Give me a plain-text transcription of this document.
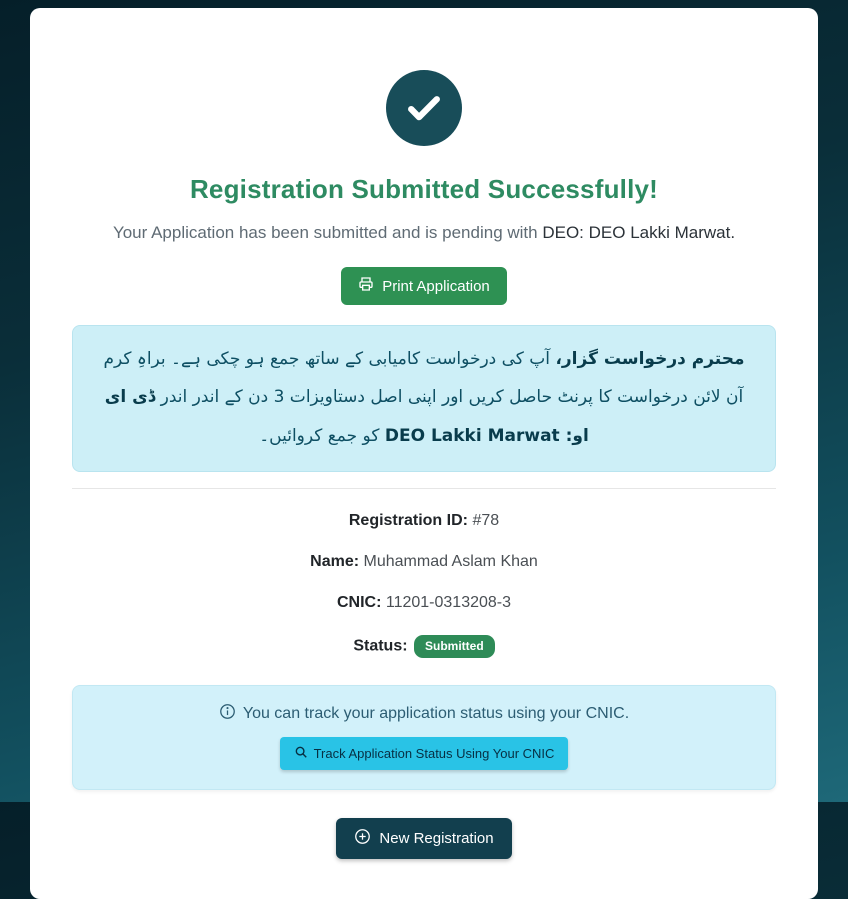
Registration Submitted Successfully!

Your Application has been submitted and is pending with DEO: DEO Lakki Marwat.

Print Application
محترم درخواست گزار، آپ کی درخواست کامیابی کے ساتھ جمع ہو چکی ہے۔ براہِ کرم آن لائن درخواست کا پرنٹ حاصل کریں اور اپنی اصل دستاویزات 3 دن کے اندر اندر ڈی ای او: DEO Lakki Marwat کو جمع کروائیں۔
Registration ID: #78
Name: Muhammad Aslam Khan
CNIC: 11201-0313208-3
Status: Submitted
You can track your application status using your CNIC.

Track Application Status Using Your CNIC
New Registration
